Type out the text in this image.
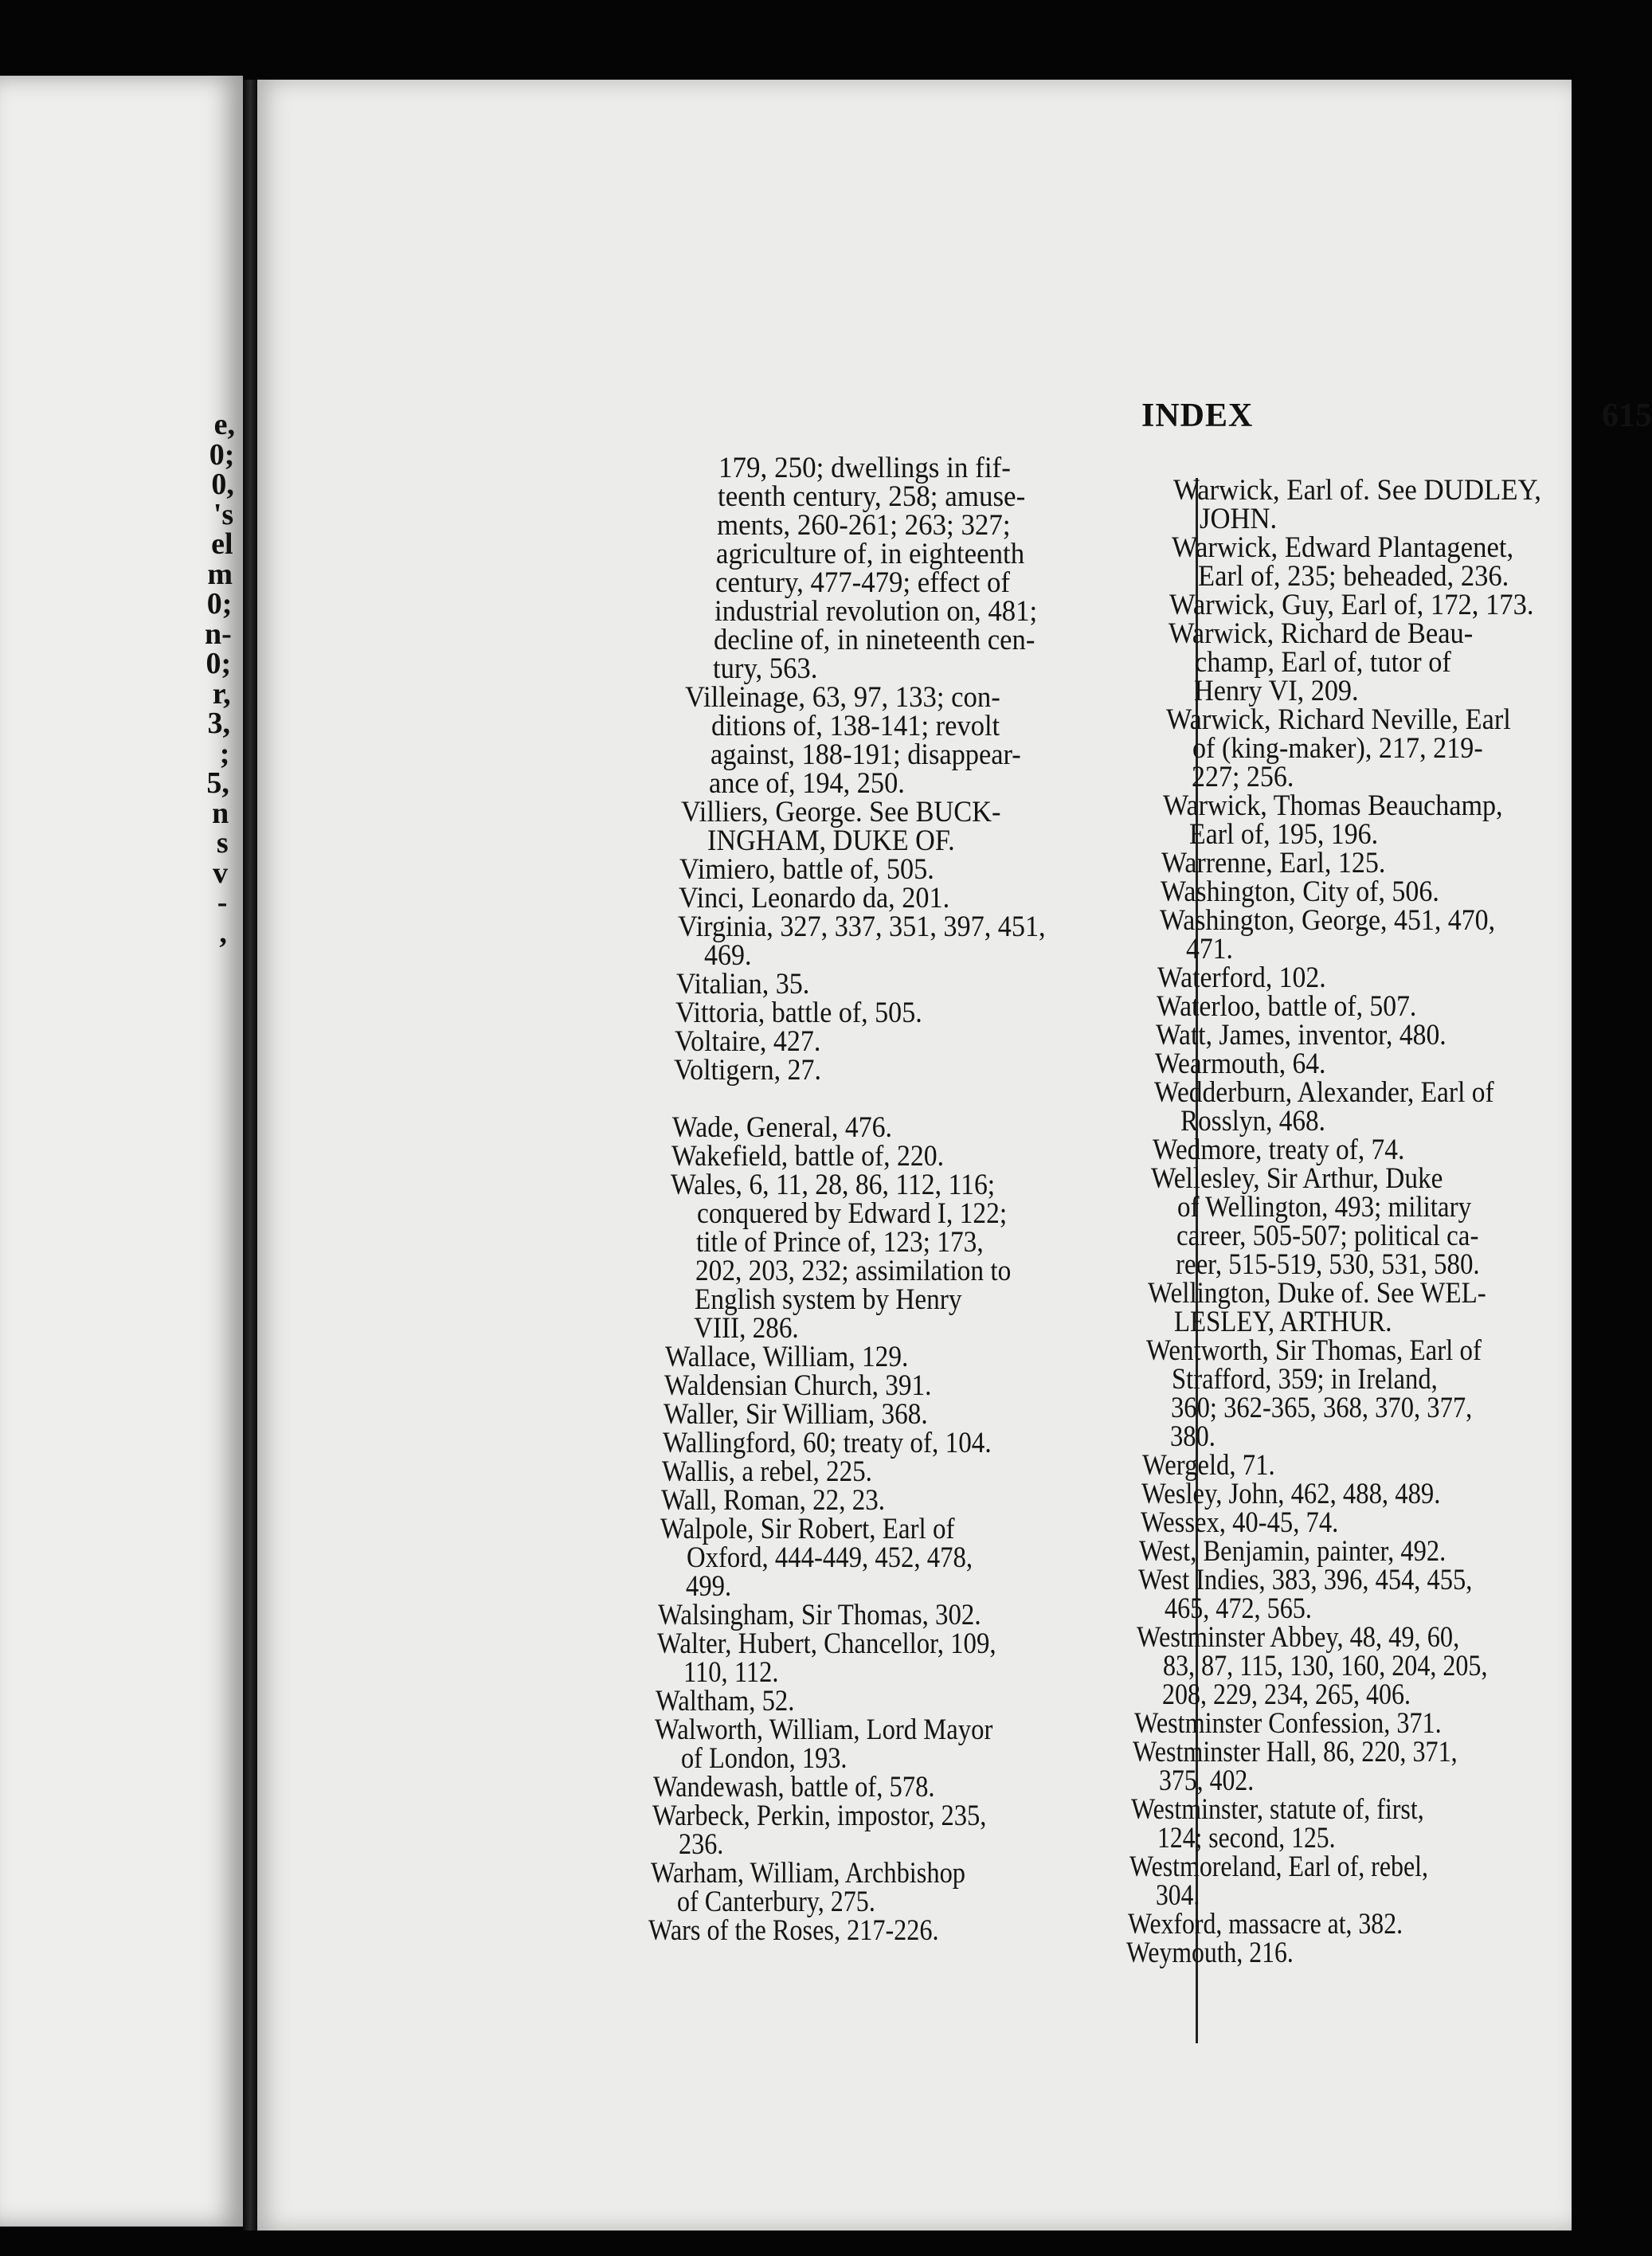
e,
0;
0,
's
el
m
0;
n-
0;
r,
3,
;
5,
n
s
v
-
,
INDEX	615
179, 250; dwellings in fif-
teenth century, 258; amuse-
ments, 260-261; 263; 327;
agriculture of, in eighteenth
century, 477-479; effect of
industrial revolution on, 481;
decline of, in nineteenth cen-
tury, 563.
Villeinage, 63, 97, 133; con-
ditions of, 138-141; revolt
against, 188-191; disappear-
ance of, 194, 250.
Villiers, George. See BUCK-
INGHAM, DUKE OF.
Vimiero, battle of, 505.
Vinci, Leonardo da, 201.
Virginia, 327, 337, 351, 397, 451,
469.
Vitalian, 35.
Vittoria, battle of, 505.
Voltaire, 427.
Voltigern, 27.
Wade, General, 476.
Wakefield, battle of, 220.
Wales, 6, 11, 28, 86, 112, 116;
conquered by Edward I, 122;
title of Prince of, 123; 173,
202, 203, 232; assimilation to
English system by Henry
VIII, 286.
Wallace, William, 129.
Waldensian Church, 391.
Waller, Sir William, 368.
Wallingford, 60; treaty of, 104.
Wallis, a rebel, 225.
Wall, Roman, 22, 23.
Walpole, Sir Robert, Earl of
Oxford, 444-449, 452, 478,
499.
Walsingham, Sir Thomas, 302.
Walter, Hubert, Chancellor, 109,
110, 112.
Waltham, 52.
Walworth, William, Lord Mayor
of London, 193.
Wandewash, battle of, 578.
Warbeck, Perkin, impostor, 235,
236.
Warham, William, Archbishop
of Canterbury, 275.
Wars of the Roses, 217-226.
Warwick, Earl of. See DUDLEY,
JOHN.
Warwick, Edward Plantagenet,
Earl of, 235; beheaded, 236.
Warwick, Guy, Earl of, 172, 173.
Warwick, Richard de Beau-
champ, Earl of, tutor of
Henry VI, 209.
Warwick, Richard Neville, Earl
of (king-maker), 217, 219-
227; 256.
Warwick, Thomas Beauchamp,
Earl of, 195, 196.
Warrenne, Earl, 125.
Washington, City of, 506.
Washington, George, 451, 470,
471.
Waterford, 102.
Waterloo, battle of, 507.
Watt, James, inventor, 480.
Wearmouth, 64.
Wedderburn, Alexander, Earl of
Rosslyn, 468.
Wedmore, treaty of, 74.
Wellesley, Sir Arthur, Duke
of Wellington, 493; military
career, 505-507; political ca-
reer, 515-519, 530, 531, 580.
Wellington, Duke of. See WEL-
LESLEY, ARTHUR.
Wentworth, Sir Thomas, Earl of
Strafford, 359; in Ireland,
360; 362-365, 368, 370, 377,
380.
Wergeld, 71.
Wesley, John, 462, 488, 489.
Wessex, 40-45, 74.
West, Benjamin, painter, 492.
West Indies, 383, 396, 454, 455,
465, 472, 565.
Westminster Abbey, 48, 49, 60,
83, 87, 115, 130, 160, 204, 205,
208, 229, 234, 265, 406.
Westminster Confession, 371.
Westminster Hall, 86, 220, 371,
375, 402.
Westminster, statute of, first,
124; second, 125.
Westmoreland, Earl of, rebel,
304.
Wexford, massacre at, 382.
Weymouth, 216.
